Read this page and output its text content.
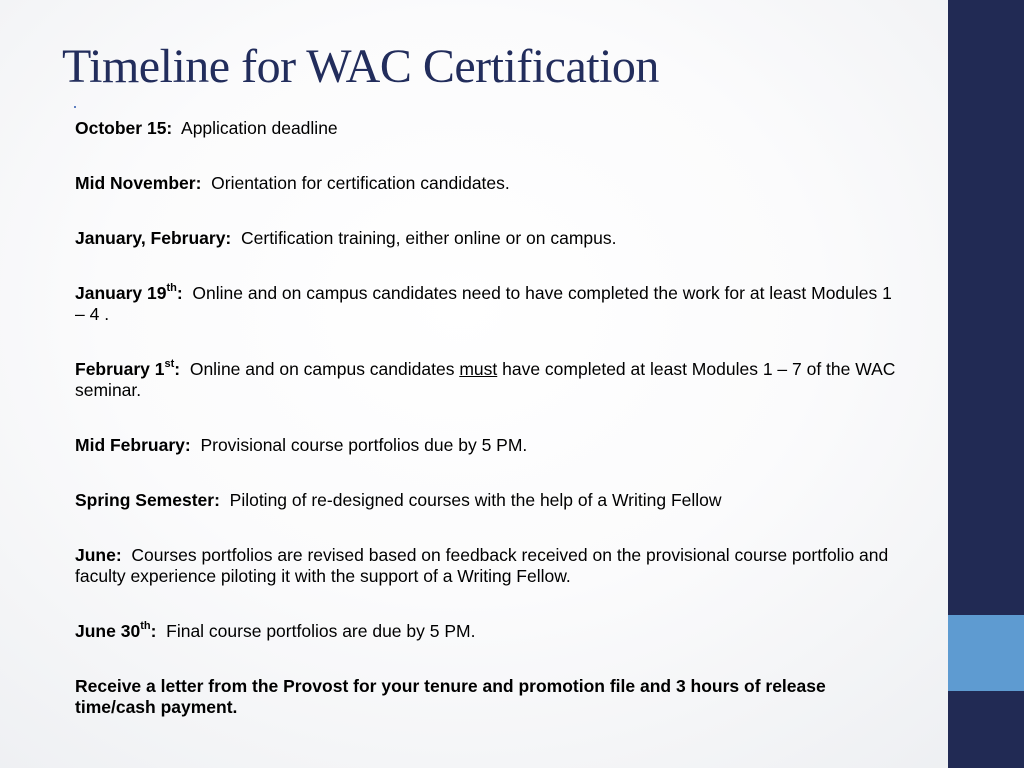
Timeline for WAC Certification

October 15: Application deadline

Mid November: Orientation for certification candidates.

January, February: Certification training, either online or on campus.

January 19th: Online and on campus candidates need to have completed the work for at least Modules 1 – 4 .

February 1st: Online and on campus candidates must have completed at least Modules 1 – 7 of the WAC seminar.

Mid February: Provisional course portfolios due by 5 PM.

Spring Semester: Piloting of re-designed courses with the help of a Writing Fellow

June: Courses portfolios are revised based on feedback received on the provisional course portfolio and faculty experience piloting it with the support of a Writing Fellow.

June 30th: Final course portfolios are due by 5 PM.

Receive a letter from the Provost for your tenure and promotion file and 3 hours of release time/cash payment.
